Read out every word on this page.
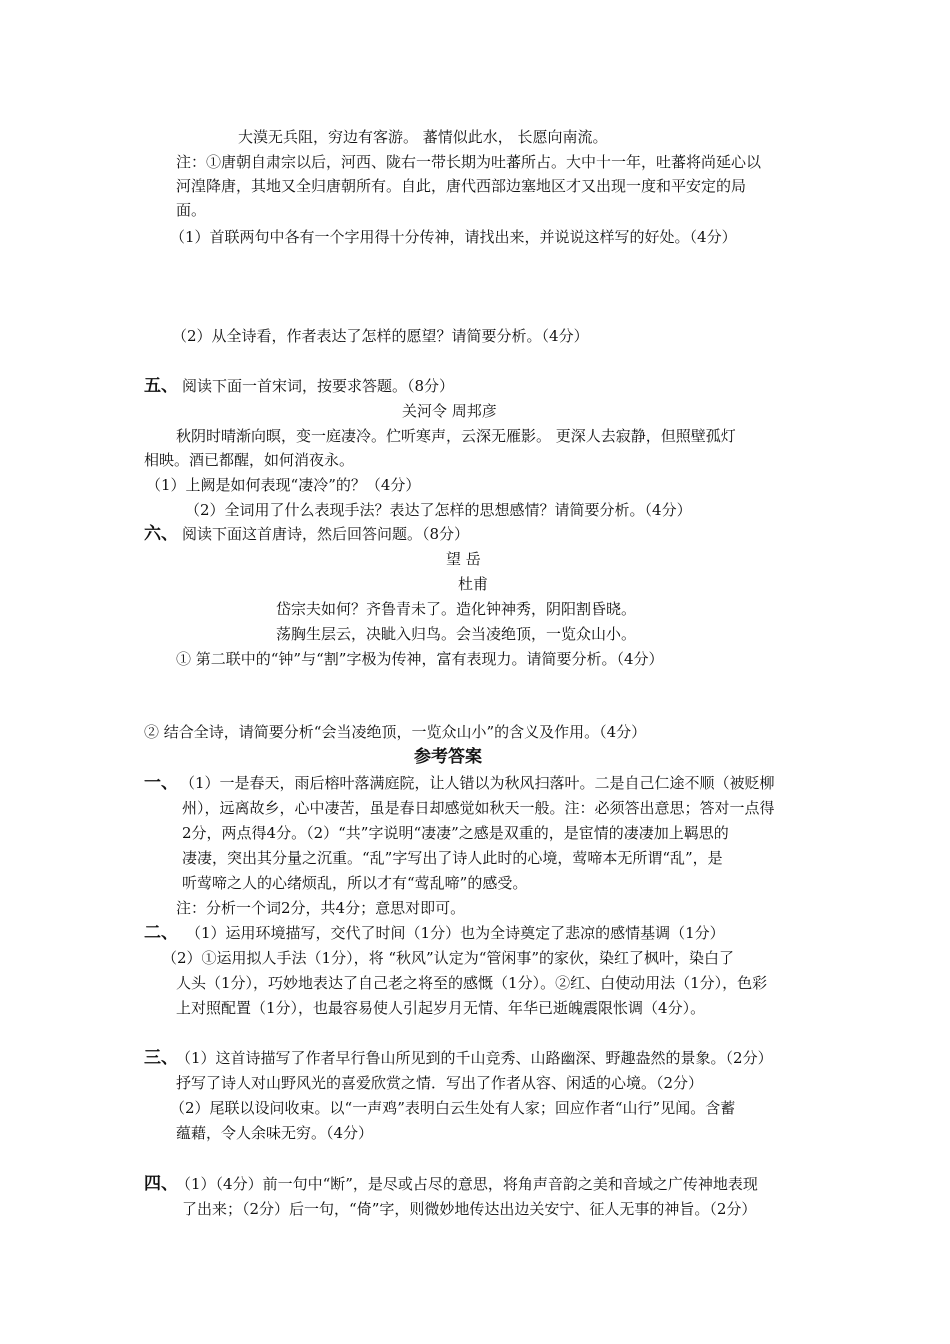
大漠无兵阻，穷边有客游。 蕃情似此水， 长愿向南流。
注：①唐朝自肃宗以后，河西、陇右一带长期为吐蕃所占。大中十一年，吐蕃将尚延心以
河湟降唐，其地又全归唐朝所有。自此，唐代西部边塞地区才又出现一度和平安定的局
面。
（1）首联两句中各有一个字用得十分传神，请找出来，并说说这样写的好处。（4分）
（2）从全诗看，作者表达了怎样的愿望？请简要分析。（4分）
五、 阅读下面一首宋词，按要求答题。（8分）
关河令 周邦彦
秋阴时晴渐向暝，变一庭凄冷。伫听寒声，云深无雁影。 更深人去寂静，但照壁孤灯
相映。酒已都醒，如何消夜永。
（1）上阙是如何表现“凄冷”的？（4分）
（2）全词用了什么表现手法？表达了怎样的思想感情？请简要分析。（4分）
六、 阅读下面这首唐诗，然后回答问题。（8分）
望 岳
杜甫
岱宗夫如何？齐鲁青未了。造化钟神秀，阴阳割昏晓。
荡胸生层云，决眦入归鸟。会当凌绝顶，一览众山小。
① 第二联中的“钟”与“割”字极为传神，富有表现力。请简要分析。（4分）
② 结合全诗，请简要分析“会当凌绝顶，一览众山小”的含义及作用。（4分）
参考答案
一、 （1）一是春天，雨后榕叶落满庭院，让人错以为秋风扫落叶。二是自己仁途不顺（被贬柳
州），远离故乡，心中凄苦，虽是春日却感觉如秋天一般。注：必须答出意思；答对一点得
2分，两点得4分。（2）“共”字说明“凄凄”之感是双重的，是宦情的凄凄加上羁思的
凄凄，突出其分量之沉重。“乱”字写出了诗人此时的心境，莺啼本无所谓“乱”，是
听莺啼之人的心绪烦乱，所以才有“莺乱啼”的感受。
注：分析一个词2分，共4分；意思对即可。
二、 （1）运用环境描写，交代了时间（1分）也为全诗奠定了悲凉的感情基调（1分）
（2）①运用拟人手法（1分），将 “秋风”认定为“管闲事”的家伙，染红了枫叶，染白了
人头（1分），巧妙地表达了自己老之将至的感慨（1分）。②红、白使动用法（1分），色彩
上对照配置（1分），也最容易使人引起岁月无情、年华已逝魄震限怅调（4分）。
三、
（1）这首诗描写了作者早行鲁山所见到的千山竞秀、山路幽深、野趣盎然的景象。（2分）
抒写了诗人对山野风光的喜爱欣赏之情．写出了作者从容、闲适的心境。（2分）
（2）尾联以设问收束。以“一声鸡”表明白云生处有人家；回应作者“山行”见闻。含蓄
蕴藉，令人余味无穷。（4分）
四、
（1）（4分）前一句中“断”，是尽或占尽的意思，将角声音韵之美和音域之广传神地表现
了出来；（2分）后一句，“倚”字，则微妙地传达出边关安宁、征人无事的神旨。（2分）
